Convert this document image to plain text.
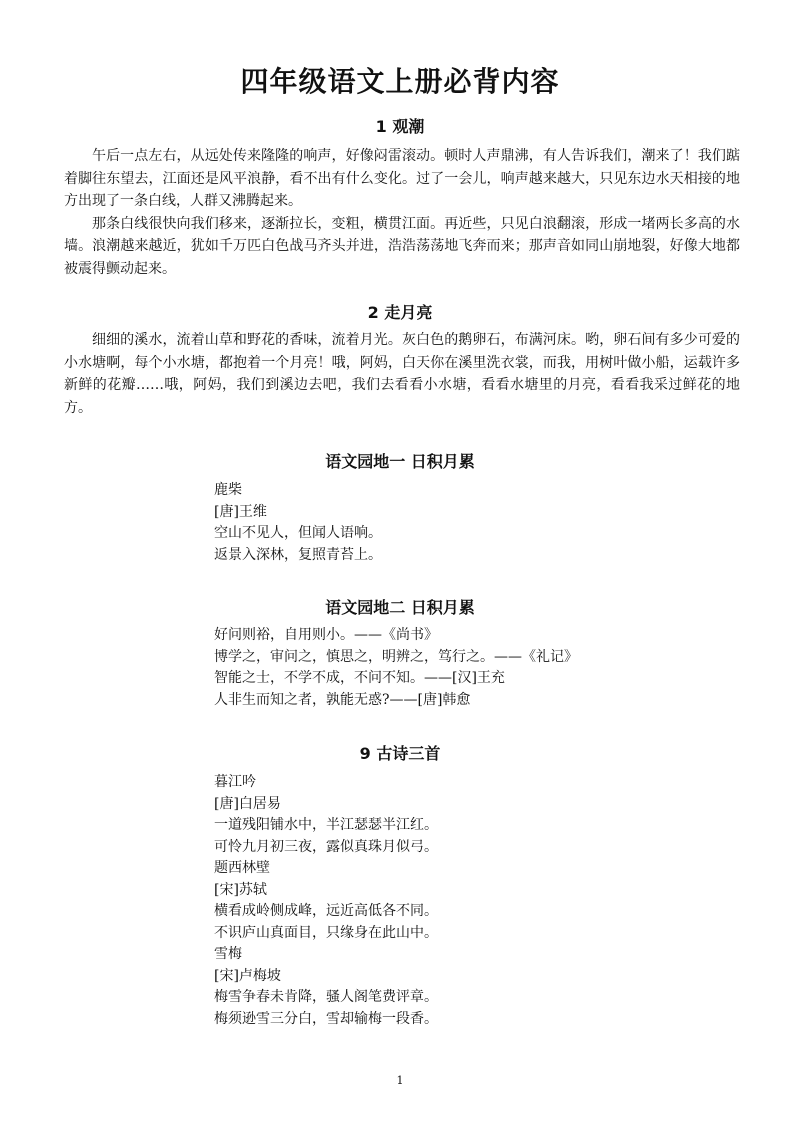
四年级语文上册必背内容
1 观潮

午后一点左右，从远处传来隆隆的响声，好像闷雷滚动。顿时人声鼎沸，有人告诉我们，潮来了！我们踮着脚往东望去，江面还是风平浪静，看不出有什么变化。过了一会儿，响声越来越大，只见东边水天相接的地方出现了一条白线，人群又沸腾起来。

那条白线很快向我们移来，逐渐拉长，变粗，横贯江面。再近些，只见白浪翻滚，形成一堵两长多高的水墙。浪潮越来越近，犹如千万匹白色战马齐头并进，浩浩荡荡地飞奔而来；那声音如同山崩地裂，好像大地都被震得颤动起来。

2 走月亮

细细的溪水，流着山草和野花的香味，流着月光。灰白色的鹅卵石，布满河床。哟，卵石间有多少可爱的小水塘啊，每个小水塘，都抱着一个月亮！哦，阿妈，白天你在溪里洗衣裳，而我，用树叶做小船，运载许多新鲜的花瓣……哦，阿妈，我们到溪边去吧，我们去看看小水塘，看看水塘里的月亮，看看我采过鲜花的地方。

语文园地一 日积月累
鹿柴
[唐]王维
空山不见人，但闻人语响。
返景入深林，复照青苔上。
语文园地二 日积月累
好问则裕，自用则小。——《尚书》
博学之，审问之，慎思之，明辨之，笃行之。——《礼记》
智能之士，不学不成，不问不知。——[汉]王充
人非生而知之者，孰能无惑?——[唐]韩愈
9 古诗三首
暮江吟
[唐]白居易
一道残阳铺水中，半江瑟瑟半江红。
可怜九月初三夜，露似真珠月似弓。
题西林壁
[宋]苏轼
横看成岭侧成峰，远近高低各不同。
不识庐山真面目，只缘身在此山中。
雪梅
[宋]卢梅坡
梅雪争春未肯降，骚人阁笔费评章。
梅须逊雪三分白，雪却输梅一段香。
1
